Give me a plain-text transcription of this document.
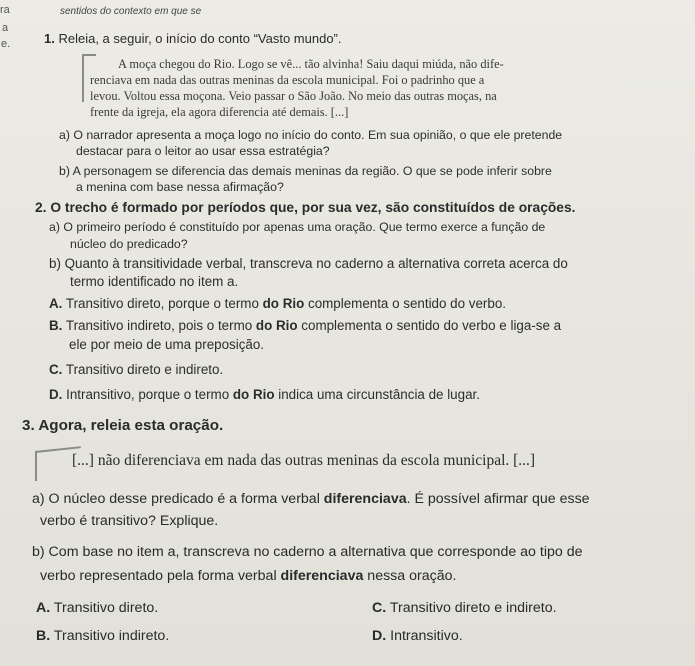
ra
a
e.
sentidos do contexto em que se
1. Releia, a seguir, o início do conto “Vasto mundo”.
A moça chegou do Rio. Logo se vê... tão alvinha! Saiu daqui miúda, não dife-
renciava em nada das outras meninas da escola municipal. Foi o padrinho que a
levou. Voltou essa moçona. Veio passar o São João. No meio das outras moças, na
frente da igreja, ela agora diferencia até demais. [...]
a) O narrador apresenta a moça logo no início do conto. Em sua opinião, o que ele pretende
destacar para o leitor ao usar essa estratégia?
b) A personagem se diferencia das demais meninas da região. O que se pode inferir sobre
a menina com base nessa afirmação?
2. O trecho é formado por períodos que, por sua vez, são constituídos de orações.
a) O primeiro período é constituído por apenas uma oração. Que termo exerce a função de
núcleo do predicado?
b) Quanto à transitividade verbal, transcreva no caderno a alternativa correta acerca do
termo identificado no item a.
A. Transitivo direto, porque o termo do Rio complementa o sentido do verbo.
B. Transitivo indireto, pois o termo do Rio complementa o sentido do verbo e liga-se a
ele por meio de uma preposição.
C. Transitivo direto e indireto.
D. Intransitivo, porque o termo do Rio indica uma circunstância de lugar.
3. Agora, releia esta oração.
[...] não diferenciava em nada das outras meninas da escola municipal. [...]
a) O núcleo desse predicado é a forma verbal diferenciava. É possível afirmar que esse
verbo é transitivo? Explique.
b) Com base no item a, transcreva no caderno a alternativa que corresponde ao tipo de
verbo representado pela forma verbal diferenciava nessa oração.
A. Transitivo direto.	C. Transitivo direto e indireto.
B. Transitivo indireto.	D. Intransitivo.
